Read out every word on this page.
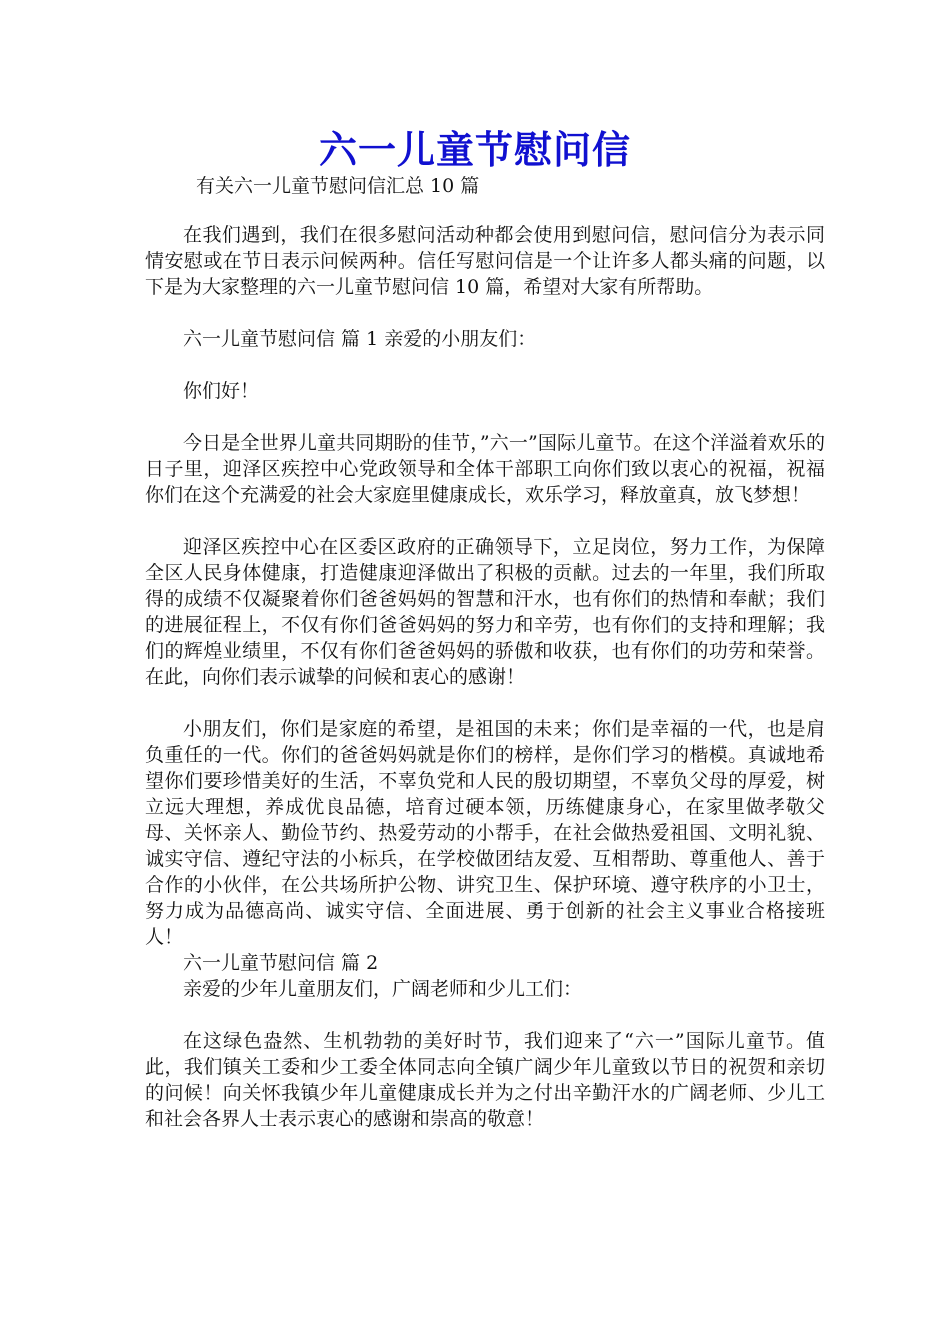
六一儿童节慰问信
有关六一儿童节慰问信汇总 10 篇

在我们遇到，我们在很多慰问活动种都会使用到慰问信，慰问信分为表示同情安慰或在节日表示问候两种。信任写慰问信是一个让许多人都头痛的问题，以下是为大家整理的六一儿童节慰问信 10 篇，希望对大家有所帮助。

六一儿童节慰问信 篇 1 亲爱的小朋友们：

你们好！

今日是全世界儿童共同期盼的佳节，”六一”国际儿童节。在这个洋溢着欢乐的日子里，迎泽区疾控中心党政领导和全体干部职工向你们致以衷心的祝福，祝福你们在这个充满爱的社会大家庭里健康成长，欢乐学习，释放童真，放飞梦想！

迎泽区疾控中心在区委区政府的正确领导下，立足岗位，努力工作，为保障全区人民身体健康，打造健康迎泽做出了积极的贡献。过去的一年里，我们所取得的成绩不仅凝聚着你们爸爸妈妈的智慧和汗水，也有你们的热情和奉献；我们的进展征程上，不仅有你们爸爸妈妈的努力和辛劳，也有你们的支持和理解；我们的辉煌业绩里，不仅有你们爸爸妈妈的骄傲和收获，也有你们的功劳和荣誉。在此，向你们表示诚挚的问候和衷心的感谢！

小朋友们，你们是家庭的希望，是祖国的未来；你们是幸福的一代，也是肩负重任的一代。你们的爸爸妈妈就是你们的榜样，是你们学习的楷模。真诚地希望你们要珍惜美好的生活，不辜负党和人民的殷切期望，不辜负父母的厚爱，树立远大理想，养成优良品德，培育过硬本领，历练健康身心，在家里做孝敬父母、关怀亲人、勤俭节约、热爱劳动的小帮手，在社会做热爱祖国、文明礼貌、诚实守信、遵纪守法的小标兵，在学校做团结友爱、互相帮助、尊重他人、善于合作的小伙伴，在公共场所护公物、讲究卫生、保护环境、遵守秩序的小卫士，努力成为品德高尚、诚实守信、全面进展、勇于创新的社会主义事业合格接班人！

六一儿童节慰问信 篇 2

亲爱的少年儿童朋友们，广阔老师和少儿工们：

在这绿色盎然、生机勃勃的美好时节，我们迎来了“六一”国际儿童节。值此，我们镇关工委和少工委全体同志向全镇广阔少年儿童致以节日的祝贺和亲切的问候！向关怀我镇少年儿童健康成长并为之付出辛勤汗水的广阔老师、少儿工和社会各界人士表示衷心的感谢和崇高的敬意！
